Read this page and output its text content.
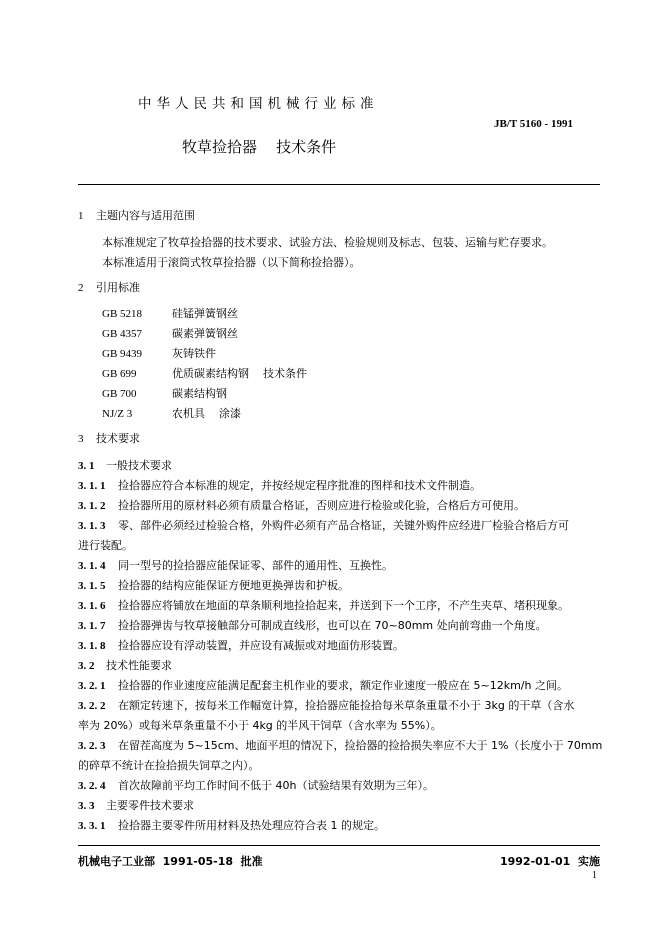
中华人民共和国机械行业标准
JB/T 5160 - 1991
牧草捡拾器    技术条件
1 主题内容与适用范围
本标准规定了牧草捡拾器的技术要求、试验方法、检验规则及标志、包装、运输与贮存要求。
本标准适用于滚筒式牧草捡拾器（以下简称捡拾器）。
2 引用标准
GB 5218	硅锰弹簧钢丝
GB 4357	碳素弹簧钢丝
GB 9439	灰铸铁件
GB 699	优质碳素结构钢    技术条件
GB 700	碳素结构钢
NJ/Z 3	农机具    涂漆
3 技术要求
3. 1 一般技术要求
3. 1. 1 捡拾器应符合本标准的规定，并按经规定程序批准的图样和技术文件制造。
3. 1. 2 捡拾器所用的原材料必须有质量合格证，否则应进行检验或化验，合格后方可使用。
3. 1. 3 零、部件必须经过检验合格，外购件必须有产品合格证，关键外购件应经进厂检验合格后方可
进行装配。
3. 1. 4 同一型号的捡拾器应能保证零、部件的通用性、互换性。
3. 1. 5 捡拾器的结构应能保证方便地更换弹齿和护板。
3. 1. 6 捡拾器应将铺放在地面的草条顺利地捡拾起来，并送到下一个工序，不产生夹草、堵积现象。
3. 1. 7 捡拾器弹齿与牧草接触部分可制成直线形，也可以在 70~80mm 处向前弯曲一个角度。
3. 1. 8 捡拾器应设有浮动装置，并应设有减振或对地面仿形装置。
3. 2 技术性能要求
3. 2. 1 捡拾器的作业速度应能满足配套主机作业的要求，额定作业速度一般应在 5~12km/h 之间。
3. 2. 2 在额定转速下，按每米工作幅宽计算，捡拾器应能捡拾每米草条重量不小于 3kg 的干草（含水
率为 20%）或每米草条重量不小于 4kg 的半风干饲草（含水率为 55%）。
3. 2. 3 在留茬高度为 5~15cm、地面平坦的情况下，捡拾器的捡拾损失率应不大于 1%（长度小于 70mm
的碎草不统计在捡拾损失饲草之内）。
3. 2. 4 首次故障前平均工作时间不低于 40h（试验结果有效期为三年）。
3. 3 主要零件技术要求
3. 3. 1 捡拾器主要零件所用材料及热处理应符合表 1 的规定。
机械电子工业部  1991-05-18  批准	1992-01-01  实施
1
